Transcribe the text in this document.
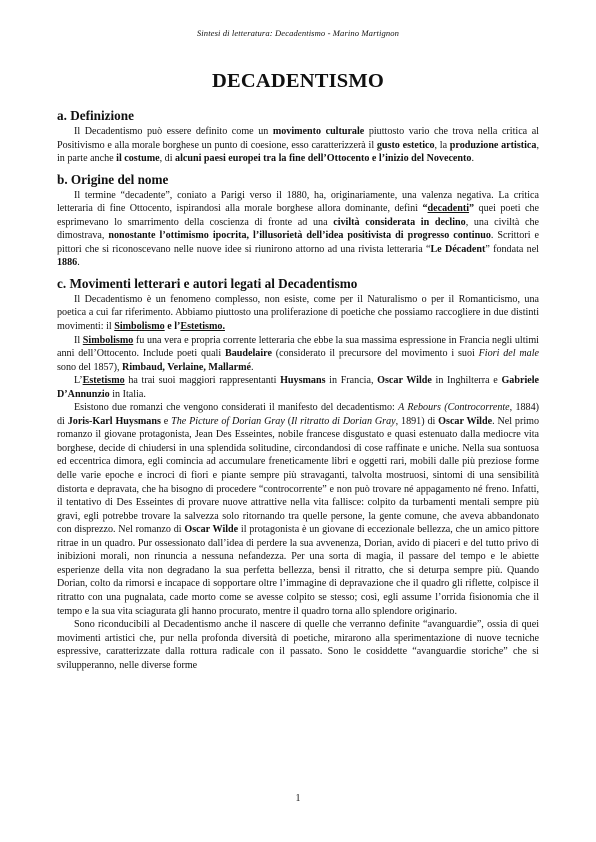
Sintesi di letteratura: Decadentismo - Marino Martignon
DECADENTISMO
a. Definizione

Il Decadentismo può essere definito come un movimento culturale piuttosto vario che trova nella critica al Positivismo e alla morale borghese un punto di coesione, esso caratterizzerà il gusto estetico, la produzione artistica, in parte anche il costume, di alcuni paesi europei tra la fine dell’Ottocento e l’inizio del Novecento.

b. Origine del nome

Il termine “decadente”, coniato a Parigi verso il 1880, ha, originariamente, una valenza negativa. La critica letteraria di fine Ottocento, ispirandosi alla morale borghese allora dominante, definì “decadenti” quei poeti che esprimevano lo smarrimento della coscienza di fronte ad una civiltà considerata in declino, una civiltà che dimostrava, nonostante l’ottimismo ipocrita, l’illusorietà dell’idea positivista di progresso continuo. Scrittori e pittori che si riconoscevano nelle nuove idee si riunirono attorno ad una rivista letteraria “Le Décadent” fondata nel 1886.

c. Movimenti letterari e autori legati al Decadentismo

Il Decadentismo è un fenomeno complesso, non esiste, come per il Naturalismo o per il Romanticismo, una poetica a cui far riferimento. Abbiamo piuttosto una proliferazione di poetiche che possiamo raccogliere in due distinti movimenti: il Simbolismo e l’Estetismo.

Il Simbolismo fu una vera e propria corrente letteraria che ebbe la sua massima espressione in Francia negli ultimi anni dell’Ottocento. Include poeti quali Baudelaire (considerato il precursore del movimento i suoi Fiori del male sono del 1857), Rimbaud, Verlaine, Mallarmé.

L’Estetismo ha trai suoi maggiori rappresentanti Huysmans in Francia, Oscar Wilde in Inghilterra e Gabriele D’Annunzio in Italia.

Esistono due romanzi che vengono considerati il manifesto del decadentismo: A Rebours (Controcorrente, 1884) di Joris-Karl Huysmans e The Picture of Dorian Gray (Il ritratto di Dorian Gray, 1891) di Oscar Wilde. Nel primo romanzo il giovane protagonista, Jean Des Esseintes, nobile francese disgustato e quasi estenuato dalla mediocre vita borghese, decide di chiudersi in una splendida solitudine, circondandosi di cose raffinate e uniche. Nella sua sontuosa ed eccentrica dimora, egli comincia ad accumulare freneticamente libri e oggetti rari, mobili dalle più preziose forme delle varie epoche e incroci di fiori e piante sempre più stravaganti, talvolta mostruosi, sintomi di una sensibilità distorta e depravata, che ha bisogno di procedere “controcorrente” e non può trovare né appagamento né freno. Infatti, il tentativo di Des Esseintes di provare nuove attrattive nella vita fallisce: colpito da turbamenti mentali sempre più gravi, egli potrebbe trovare la salvezza solo ritornando tra quelle persone, la gente comune, che aveva abbandonato con disprezzo. Nel romanzo di Oscar Wilde il protagonista è un giovane di eccezionale bellezza, che un amico pittore ritrae in un quadro. Pur ossessionato dall’idea di perdere la sua avvenenza, Dorian, avido di piaceri e del tutto privo di inibizioni morali, non rinuncia a nessuna nefandezza. Per una sorta di magia, il passare del tempo e le abiette esperienze della vita non degradano la sua perfetta bellezza, bensì il ritratto, che si deturpa sempre più. Quando Dorian, colto da rimorsi e incapace di sopportare oltre l’immagine di depravazione che il quadro gli riflette, colpisce il ritratto con una pugnalata, cade morto come se avesse colpito se stesso; così, egli assume l’orrida fisionomia che il tempo e la sua vita sciagurata gli hanno procurato, mentre il quadro torna allo splendore originario.

Sono riconducibili al Decadentismo anche il nascere di quelle che verranno definite “avanguardie”, ossia di quei movimenti artistici che, pur nella profonda diversità di poetiche, mirarono alla sperimentazione di nuove tecniche espressive, caratterizzate dalla rottura radicale con il passato. Sono le cosiddette “avanguardie storiche” che si svilupperanno, nelle diverse forme

1
